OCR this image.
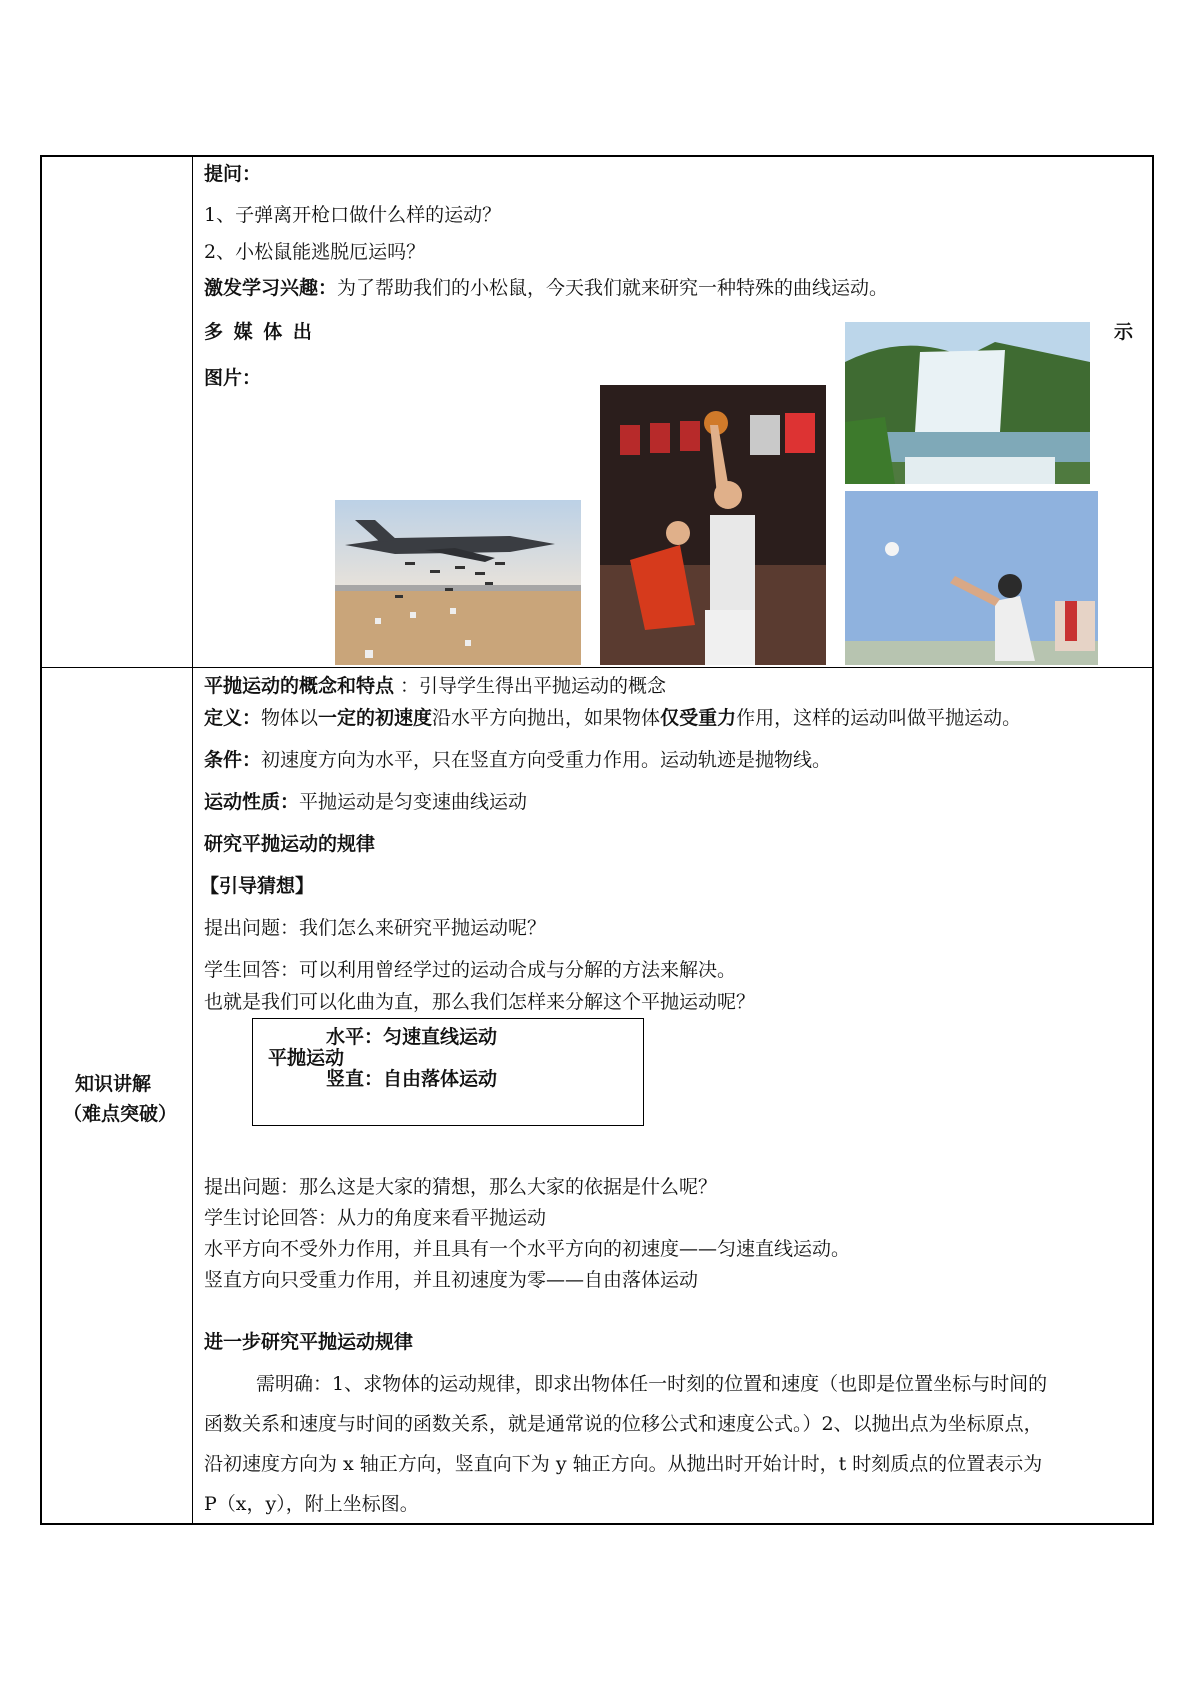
提问：
1、子弹离开枪口做什么样的运动？
2、小松鼠能逃脱厄运吗？
激发学习兴趣：为了帮助我们的小松鼠，今天我们就来研究一种特殊的曲线运动。
多 媒 体 出	示
图片：
知识讲解
（难点突破）
平抛运动的概念和特点 ：引导学生得出平抛运动的概念
定义：物体以一定的初速度沿水平方向抛出，如果物体仅受重力作用，这样的运动叫做平抛运动。
条件：初速度方向为水平，只在竖直方向受重力作用。运动轨迹是抛物线。
运动性质：平抛运动是匀变速曲线运动
研究平抛运动的规律
【引导猜想】
提出问题：我们怎么来研究平抛运动呢？
学生回答：可以利用曾经学过的运动合成与分解的方法来解决。
也就是我们可以化曲为直，那么我们怎样来分解这个平抛运动呢？
水平：匀速直线运动
平抛运动
竖直：自由落体运动
提出问题：那么这是大家的猜想，那么大家的依据是什么呢？
学生讨论回答：从力的角度来看平抛运动
水平方向不受外力作用，并且具有一个水平方向的初速度——匀速直线运动。
竖直方向只受重力作用，并且初速度为零——自由落体运动
进一步研究平抛运动规律
需明确：1、求物体的运动规律，即求出物体任一时刻的位置和速度（也即是位置坐标与时间的
函数关系和速度与时间的函数关系，就是通常说的位移公式和速度公式。）2、以抛出点为坐标原点，
沿初速度方向为 x 轴正方向，竖直向下为 y 轴正方向。从抛出时开始计时，t 时刻质点的位置表示为
P（x，y），附上坐标图。
